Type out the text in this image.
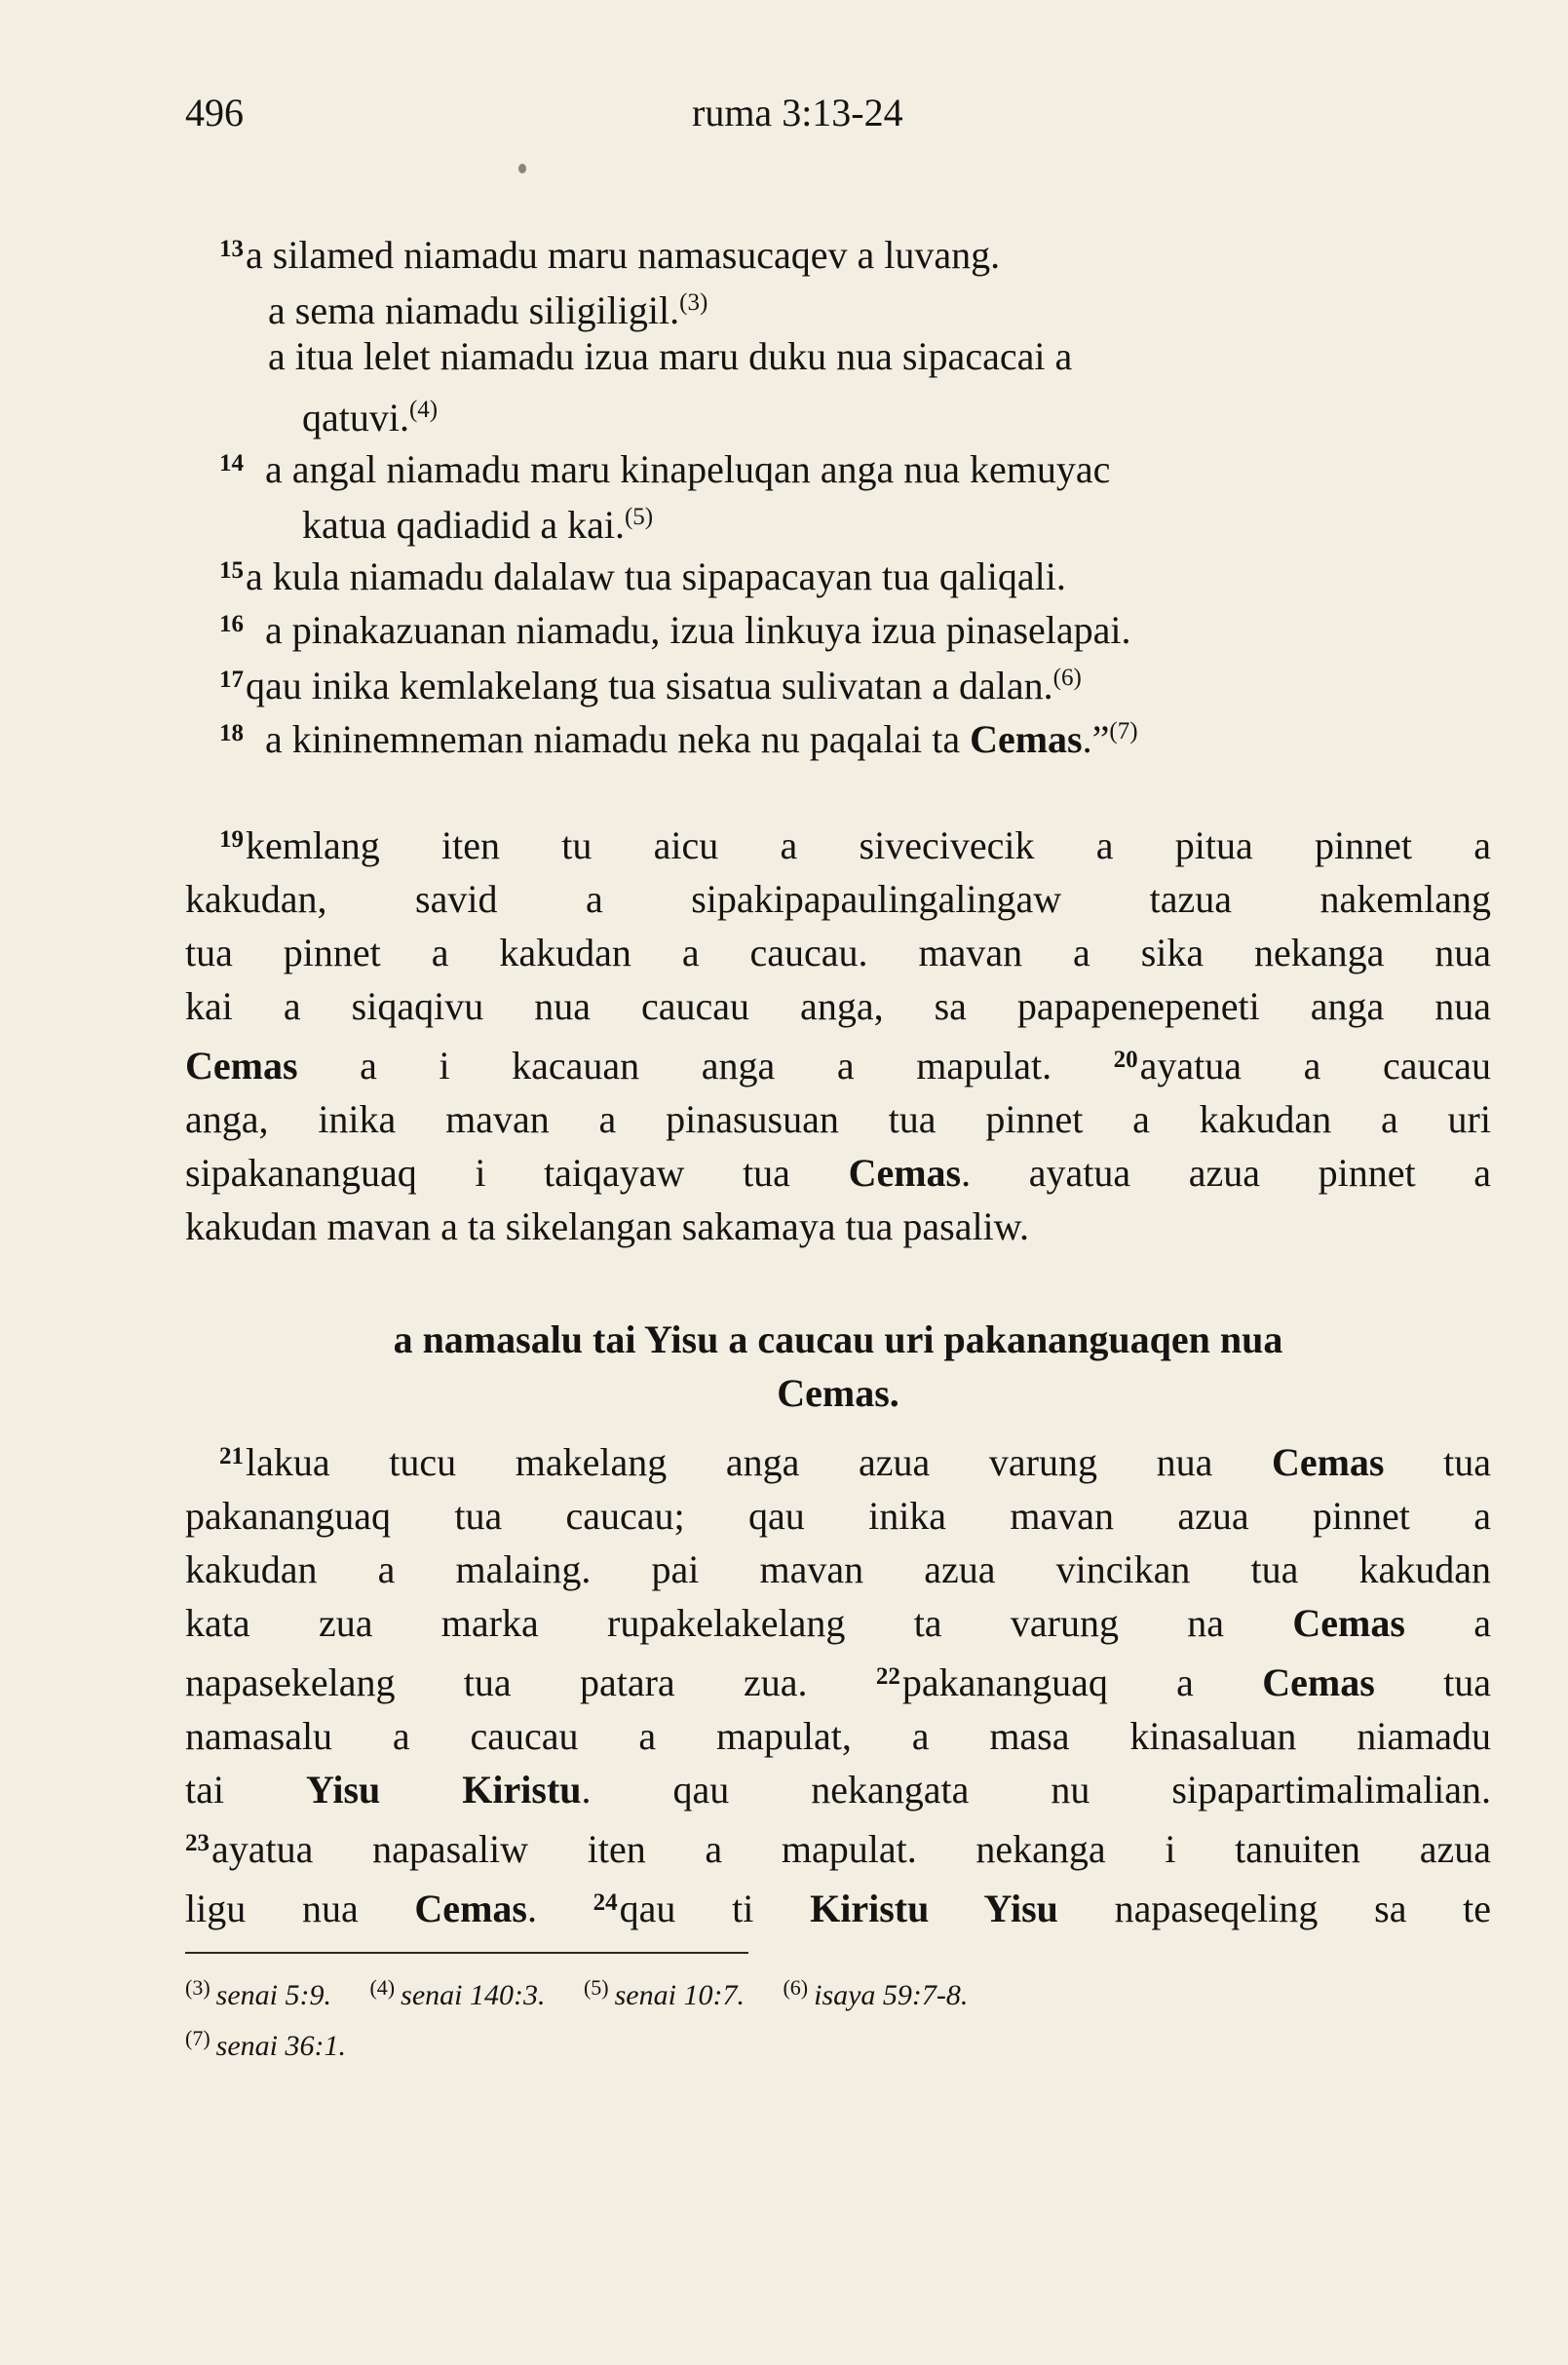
496	ruma 3:13-24
$^{13}$a silamed niamadu maru namasucaqev a luvang.
a sema niamadu siligiligil.$^{(3)}$
a itua lelet niamadu izua maru duku nua sipacacai a
qatuvi.$^{(4)}$
$^{14}$ a angal niamadu maru kinapeluqan anga nua kemuyac
katua qadiadid a kai.$^{(5)}$
$^{15}$a kula niamadu dalalaw tua sipapacayan tua qaliqali.
$^{16}$ a pinakazuanan niamadu, izua linkuya izua pinaselapai.
$^{17}$qau inika kemlakelang tua sisatua sulivatan a dalan.$^{(6)}$
$^{18}$ a kininemneman niamadu neka nu paqalai ta Cemas.”$^{(7)}$

$^{19}$kemlang iten tu aicu a sivecivecik a pitua pinnet a

kakudan, savid a sipakipapaulingalingaw tazua nakemlang

tua pinnet a kakudan a caucau. mavan a sika nekanga nua

kai a siqaqivu nua caucau anga, sa papapenepeneti anga nua

Cemas a i kacauan anga a mapulat. $^{20}$ayatua a caucau

anga, inika mavan a pinasusuan tua pinnet a kakudan a uri

sipakananguaq i taiqayaw tua Cemas. ayatua azua pinnet a

kakudan mavan a ta sikelangan sakamaya tua pasaliw.

a namasalu tai Yisu a caucau uri pakananguaqen nua
Cemas.

$^{21}$lakua tucu makelang anga azua varung nua Cemas tua

pakananguaq tua caucau; qau inika mavan azua pinnet a

kakudan a malaing. pai mavan azua vincikan tua kakudan

kata zua marka rupakelakelang ta varung na Cemas a

napasekelang tua patara zua. $^{22}$pakananguaq a Cemas tua

namasalu a caucau a mapulat, a masa kinasaluan niamadu

tai Yisu Kiristu. qau nekangata nu sipapartimalimalian.

$^{23}$ayatua napasaliw iten a mapulat. nekanga i tanuiten azua

ligu nua Cemas. $^{24}$qau ti Kiristu Yisu napaseqeling sa te

$^{(3)}$ senai 5:9. $^{(4)}$ senai 140:3. $^{(5)}$ senai 10:7. $^{(6)}$ isaya 59:7-8.
$^{(7)}$ senai 36:1.
